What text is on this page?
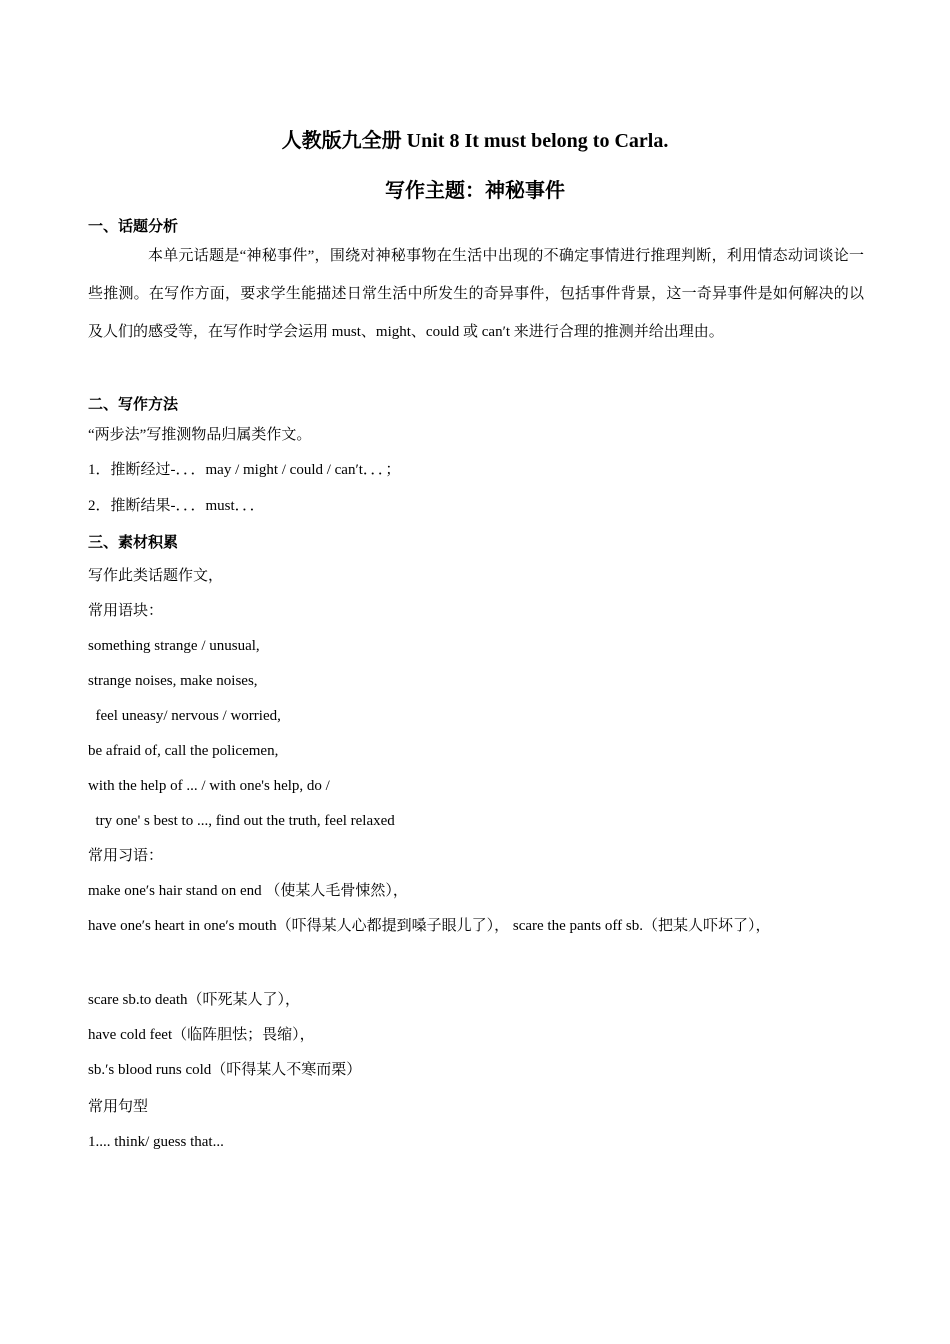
人教版九全册 Unit 8 It must belong to Carla.
写作主题：神秘事件
一、话题分析
本单元话题是“神秘事件”，围绕对神秘事物在生活中出现的不确定事情进行推理判断，利用情态动词谈论一些推测。在写作方面，要求学生能描述日常生活中所发生的奇异事件，包括事件背景，这一奇异事件是如何解决的以及人们的感受等，在写作时学会运用 must、might、could 或 can′t 来进行合理的推测并给出理由。
二、写作方法
“两步法”写推测物品归属类作文。
1．推断经过-．．．may / might / could / can′t．．．；
2．推断结果-．．．must．．．
三、素材积累
写作此类话题作文，
常用语块：
something strange / unusual,
strange noises, make noises,
feel uneasy/ nervous / worried,
be afraid of, call the policemen,
with the help of ... / with one's help, do /
try one' s best to ..., find out the truth, feel relaxed
常用习语：
make one′s hair stand on end （使某人毛骨悚然），
have one′s heart in one′s mouth（吓得某人心都提到嗓子眼儿了）， scare the pants off sb.（把某人吓坏了），
scare sb.to death（吓死某人了），
have cold feet（临阵胆怯；畏缩），
sb.′s blood runs cold（吓得某人不寒而栗）
常用句型
1.... think/ guess that...
